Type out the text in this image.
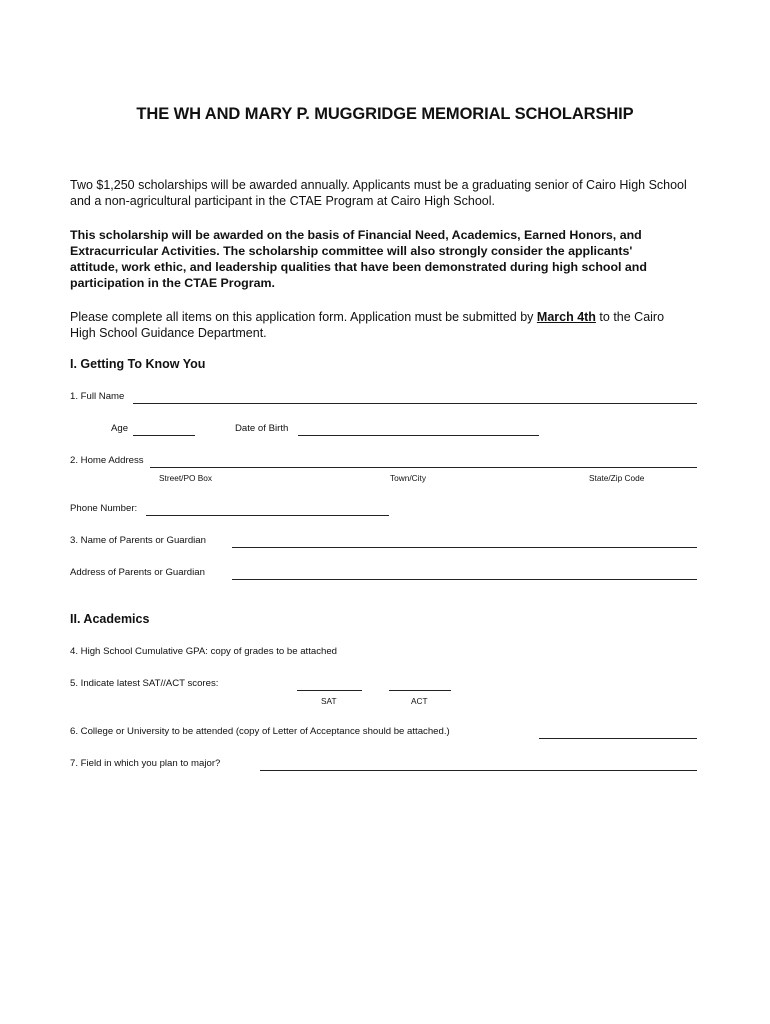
THE WH AND MARY P. MUGGRIDGE MEMORIAL SCHOLARSHIP
Two $1,250 scholarships will be awarded annually. Applicants must be a graduating senior of Cairo High School
and a non-agricultural participant in the CTAE Program at Cairo High School.
This scholarship will be awarded on the basis of Financial Need, Academics, Earned Honors, and
Extracurricular Activities. The scholarship committee will also strongly consider the applicants'
attitude, work ethic, and leadership qualities that have been demonstrated during high school and
participation in the CTAE Program.
Please complete all items on this application form. Application must be submitted by March 4th to the Cairo
High School Guidance Department.
I. Getting To Know You
1. Full Name
Age	Date of Birth
2. Home Address
Street/PO Box	Town/City	State/Zip Code
Phone Number:
3. Name of Parents or Guardian
Address of Parents or Guardian
II. Academics
4. High School Cumulative GPA: copy of grades to be attached
5. Indicate latest SAT//ACT scores:
SAT	ACT
6. College or University to be attended (copy of Letter of Acceptance should be attached.)
7. Field in which you plan to major?
